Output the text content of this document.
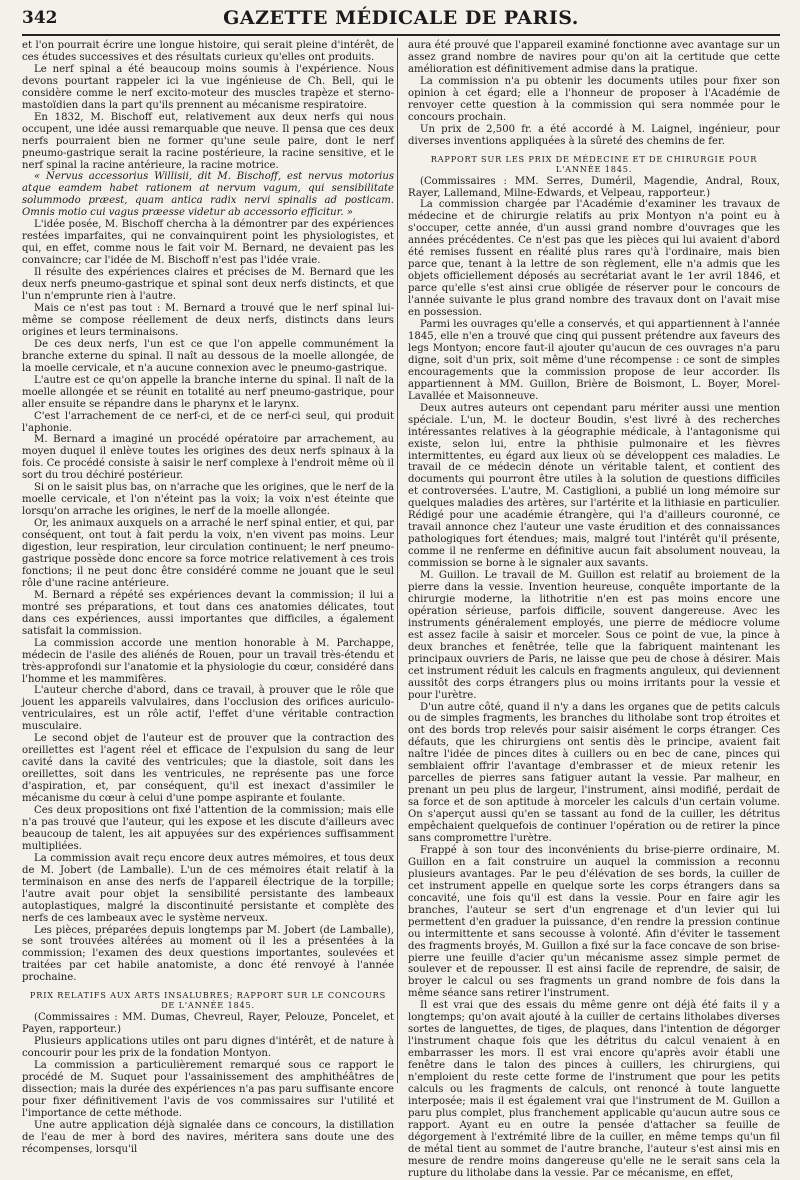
342	GAZETTE MÉDICALE DE PARIS.

et l'on pourrait écrire une longue histoire, qui serait pleine d'intérêt, de ces études successives et des résultats curieux qu'elles ont produits.

Le nerf spinal a été beaucoup moins soumis à l'expérience. Nous devons pourtant rappeler ici la vue ingénieuse de Ch. Bell, qui le considère comme le nerf excito-moteur des muscles trapèze et sterno-mastoïdien dans la part qu'ils prennent au mécanisme respiratoire.

En 1832, M. Bischoff eut, relativement aux deux nerfs qui nous occupent, une idée aussi remarquable que neuve. Il pensa que ces deux nerfs pourraient bien ne former qu'une seule paire, dont le nerf pneumo-gastrique serait la racine postérieure, la racine sensitive, et le nerf spinal la racine antérieure, la racine motrice.

« Nervus accessorius Willisii, dit M. Bischoff, est nervus motorius atque eamdem habet rationem at nervum vagum, qui sensibilitate solummodo præest, quam antica radix nervi spinalis ad posticam. Omnis motio cui vagus præesse videtur ab accessorio efficitur. »

L'idée posée, M. Bischoff chercha à la démontrer par des expériences restées imparfaites, qui ne convainquirent point les physiologistes, et qui, en effet, comme nous le fait voir M. Bernard, ne devaient pas les convaincre; car l'idée de M. Bischoff n'est pas l'idée vraie.

Il résulte des expériences claires et précises de M. Bernard que les deux nerfs pneumo-gastrique et spinal sont deux nerfs distincts, et que l'un n'emprunte rien à l'autre.

Mais ce n'est pas tout : M. Bernard a trouvé que le nerf spinal lui-même se compose réellement de deux nerfs, distincts dans leurs origines et leurs terminaisons.

De ces deux nerfs, l'un est ce que l'on appelle communément la branche externe du spinal. Il naît au dessous de la moelle allongée, de la moelle cervicale, et n'a aucune connexion avec le pneumo-gastrique.

L'autre est ce qu'on appelle la branche interne du spinal. Il naît de la moelle allongée et se réunit en totalité au nerf pneumo-gastrique, pour aller ensuite se répandre dans le pharynx et le larynx.

C'est l'arrachement de ce nerf-ci, et de ce nerf-ci seul, qui produit l'aphonie.

M. Bernard a imaginé un procédé opératoire par arrachement, au moyen duquel il enlève toutes les origines des deux nerfs spinaux à la fois. Ce procédé consiste à saisir le nerf complexe à l'endroit même où il sort du trou déchiré postérieur.

Si on le saisit plus bas, on n'arrache que les origines, que le nerf de la moelle cervicale, et l'on n'éteint pas la voix; la voix n'est éteinte que lorsqu'on arrache les origines, le nerf de la moelle allongée.

Or, les animaux auxquels on a arraché le nerf spinal entier, et qui, par conséquent, ont tout à fait perdu la voix, n'en vivent pas moins. Leur digestion, leur respiration, leur circulation continuent; le nerf pneumo-gastrique possède donc encore sa force motrice relativement à ces trois fonctions; il ne peut donc être considéré comme ne jouant que le seul rôle d'une racine antérieure.

M. Bernard a répété ses expériences devant la commission; il lui a montré ses préparations, et tout dans ces anatomies délicates, tout dans ces expériences, aussi importantes que difficiles, a également satisfait la commission.

La commission accorde une mention honorable à M. Parchappe, médecin de l'asile des aliénés de Rouen, pour un travail très-étendu et très-approfondi sur l'anatomie et la physiologie du cœur, considéré dans l'homme et les mammifères.

L'auteur cherche d'abord, dans ce travail, à prouver que le rôle que jouent les appareils valvulaires, dans l'occlusion des orifices auriculo-ventriculaires, est un rôle actif, l'effet d'une véritable contraction musculaire.

Le second objet de l'auteur est de prouver que la contraction des oreillettes est l'agent réel et efficace de l'expulsion du sang de leur cavité dans la cavité des ventricules; que la diastole, soit dans les oreillettes, soit dans les ventricules, ne représente pas une force d'aspiration, et, par conséquent, qu'il est inexact d'assimiler le mécanisme du cœur à celui d'une pompe aspirante et foulante.

Ces deux propositions ont fixé l'attention de la commission; mais elle n'a pas trouvé que l'auteur, qui les expose et les discute d'ailleurs avec beaucoup de talent, les ait appuyées sur des expériences suffisamment multipliées.

La commission avait reçu encore deux autres mémoires, et tous deux de M. Jobert (de Lamballe). L'un de ces mémoires était relatif à la terminaison en anse des nerfs de l'appareil électrique de la torpille; l'autre avait pour objet la sensibilité persistante des lambeaux autoplastiques, malgré la discontinuité persistante et complète des nerfs de ces lambeaux avec le système nerveux.

Les pièces, préparées depuis longtemps par M. Jobert (de Lamballe), se sont trouvées altérées au moment où il les a présentées à la commission; l'examen des deux questions importantes, soulevées et traitées par cet habile anatomiste, a donc été renvoyé à l'année prochaine.

PRIX RELATIFS AUX ARTS INSALUBRES; RAPPORT SUR LE CONCOURS DE L'ANNÉE 1845.

(Commissaires : MM. Dumas, Chevreul, Rayer, Pelouze, Poncelet, et Payen, rapporteur.)

Plusieurs applications utiles ont paru dignes d'intérêt, et de nature à concourir pour les prix de la fondation Montyon.

La commission a particulièrement remarqué sous ce rapport le procédé de M. Suquet pour l'assainissement des amphithéâtres de dissection; mais la durée des expériences n'a pas paru suffisante encore pour fixer définitivement l'avis de vos commissaires sur l'utilité et l'importance de cette méthode.

Une autre application déjà signalée dans ce concours, la distillation de l'eau de mer à bord des navires, méritera sans doute une des récompenses, lorsqu'il

aura été prouvé que l'appareil examiné fonctionne avec avantage sur un assez grand nombre de navires pour qu'on ait la certitude que cette amélioration est définitivement admise dans la pratique.

La commission n'a pu obtenir les documents utiles pour fixer son opinion à cet égard; elle a l'honneur de proposer à l'Académie de renvoyer cette question à la commission qui sera nommée pour le concours prochain.

Un prix de 2,500 fr. a été accordé à M. Laignel, ingénieur, pour diverses inventions appliquées à la sûreté des chemins de fer.

RAPPORT SUR LES PRIX DE MÉDECINE ET DE CHIRURGIE POUR L'ANNÉE 1845.

(Commissaires : MM. Serres, Duméril, Magendie, Andral, Roux, Rayer, Lallemand, Milne-Edwards, et Velpeau, rapporteur.)

La commission chargée par l'Académie d'examiner les travaux de médecine et de chirurgie relatifs au prix Montyon n'a point eu à s'occuper, cette année, d'un aussi grand nombre d'ouvrages que les années précédentes. Ce n'est pas que les pièces qui lui avaient d'abord été remises fussent en réalité plus rares qu'à l'ordinaire, mais bien parce que, tenant à la lettre de son règlement, elle n'a admis que les objets officiellement déposés au secrétariat avant le 1er avril 1846, et parce qu'elle s'est ainsi crue obligée de réserver pour le concours de l'année suivante le plus grand nombre des travaux dont on l'avait mise en possession.

Parmi les ouvrages qu'elle a conservés, et qui appartiennent à l'année 1845, elle n'en a trouvé que cinq qui pussent prétendre aux faveurs des legs Montyon; encore faut-il ajouter qu'aucun de ces ouvrages n'a paru digne, soit d'un prix, soit même d'une récompense : ce sont de simples encouragements que la commission propose de leur accorder. Ils appartiennent à MM. Guillon, Brière de Boismont, L. Boyer, Morel-Lavallée et Maisonneuve.

Deux autres auteurs ont cependant paru mériter aussi une mention spéciale. L'un, M. le docteur Boudin, s'est livré à des recherches intéressantes relatives à la géographie médicale, à l'antagonisme qui existe, selon lui, entre la phthisie pulmonaire et les fièvres intermittentes, eu égard aux lieux où se développent ces maladies. Le travail de ce médecin dénote un véritable talent, et contient des documents qui pourront être utiles à la solution de questions difficiles et controversées. L'autre, M. Castiglioni, a publié un long mémoire sur quelques maladies des artères, sur l'artérite et la lithiasie en particulier. Rédigé pour une académie étrangère, qui l'a d'ailleurs couronné, ce travail annonce chez l'auteur une vaste érudition et des connaissances pathologiques fort étendues; mais, malgré tout l'intérêt qu'il présente, comme il ne renferme en définitive aucun fait absolument nouveau, la commission se borne à le signaler aux savants.

M. Guillon. Le travail de M. Guillon est relatif au broiement de la pierre dans la vessie. Invention heureuse, conquête importante de la chirurgie moderne, la lithotritie n'en est pas moins encore une opération sérieuse, parfois difficile, souvent dangereuse. Avec les instruments généralement employés, une pierre de médiocre volume est assez facile à saisir et morceler. Sous ce point de vue, la pince à deux branches et fenêtrée, telle que la fabriquent maintenant les principaux ouvriers de Paris, ne laisse que peu de chose à désirer. Mais cet instrument réduit les calculs en fragments anguleux, qui deviennent aussitôt des corps étrangers plus ou moins irritants pour la vessie et pour l'urètre.

D'un autre côté, quand il n'y a dans les organes que de petits calculs ou de simples fragments, les branches du litholabe sont trop étroites et ont des bords trop relevés pour saisir aisément le corps étranger. Ces défauts, que les chirurgiens ont sentis dès le principe, avaient fait naître l'idée de pinces dites à cuillers ou en bec de cane, pinces qui semblaient offrir l'avantage d'embrasser et de mieux retenir les parcelles de pierres sans fatiguer autant la vessie. Par malheur, en prenant un peu plus de largeur, l'instrument, ainsi modifié, perdait de sa force et de son aptitude à morceler les calculs d'un certain volume. On s'aperçut aussi qu'en se tassant au fond de la cuiller, les détritus empêchaient quelquefois de continuer l'opération ou de retirer la pince sans compromettre l'urètre.

Frappé à son tour des inconvénients du brise-pierre ordinaire, M. Guillon en a fait construire un auquel la commission a reconnu plusieurs avantages. Par le peu d'élévation de ses bords, la cuiller de cet instrument appelle en quelque sorte les corps étrangers dans sa concavité, une fois qu'il est dans la vessie. Pour en faire agir les branches, l'auteur se sert d'un engrenage et d'un levier qui lui permettent d'en graduer la puissance, d'en rendre la pression continue ou intermittente et sans secousse à volonté. Afin d'éviter le tassement des fragments broyés, M. Guillon a fixé sur la face concave de son brise-pierre une feuille d'acier qu'un mécanisme assez simple permet de soulever et de repousser. Il est ainsi facile de reprendre, de saisir, de broyer le calcul ou ses fragments un grand nombre de fois dans la même séance sans retirer l'instrument.

Il est vrai que des essais du même genre ont déjà été faits il y a longtemps; qu'on avait ajouté à la cuiller de certains litholabes diverses sortes de languettes, de tiges, de plaques, dans l'intention de dégorger l'instrument chaque fois que les détritus du calcul venaient à en embarrasser les mors. Il est vrai encore qu'après avoir établi une fenêtre dans le talon des pinces à cuillers, les chirurgiens, qui n'emploient du reste cette forme de l'instrument que pour les petits calculs ou les fragments de calculs, ont renoncé à toute languette interposée; mais il est également vrai que l'instrument de M. Guillon a paru plus complet, plus franchement applicable qu'aucun autre sous ce rapport. Ayant eu en outre la pensée d'attacher sa feuille de dégorgement à l'extrémité libre de la cuiller, en même temps qu'un fil de métal tient au sommet de l'autre branche, l'auteur s'est ainsi mis en mesure de rendre moins dangereuse qu'elle ne le serait sans cela la rupture du litholabe dans la vessie. Par ce mécanisme, en effet,
